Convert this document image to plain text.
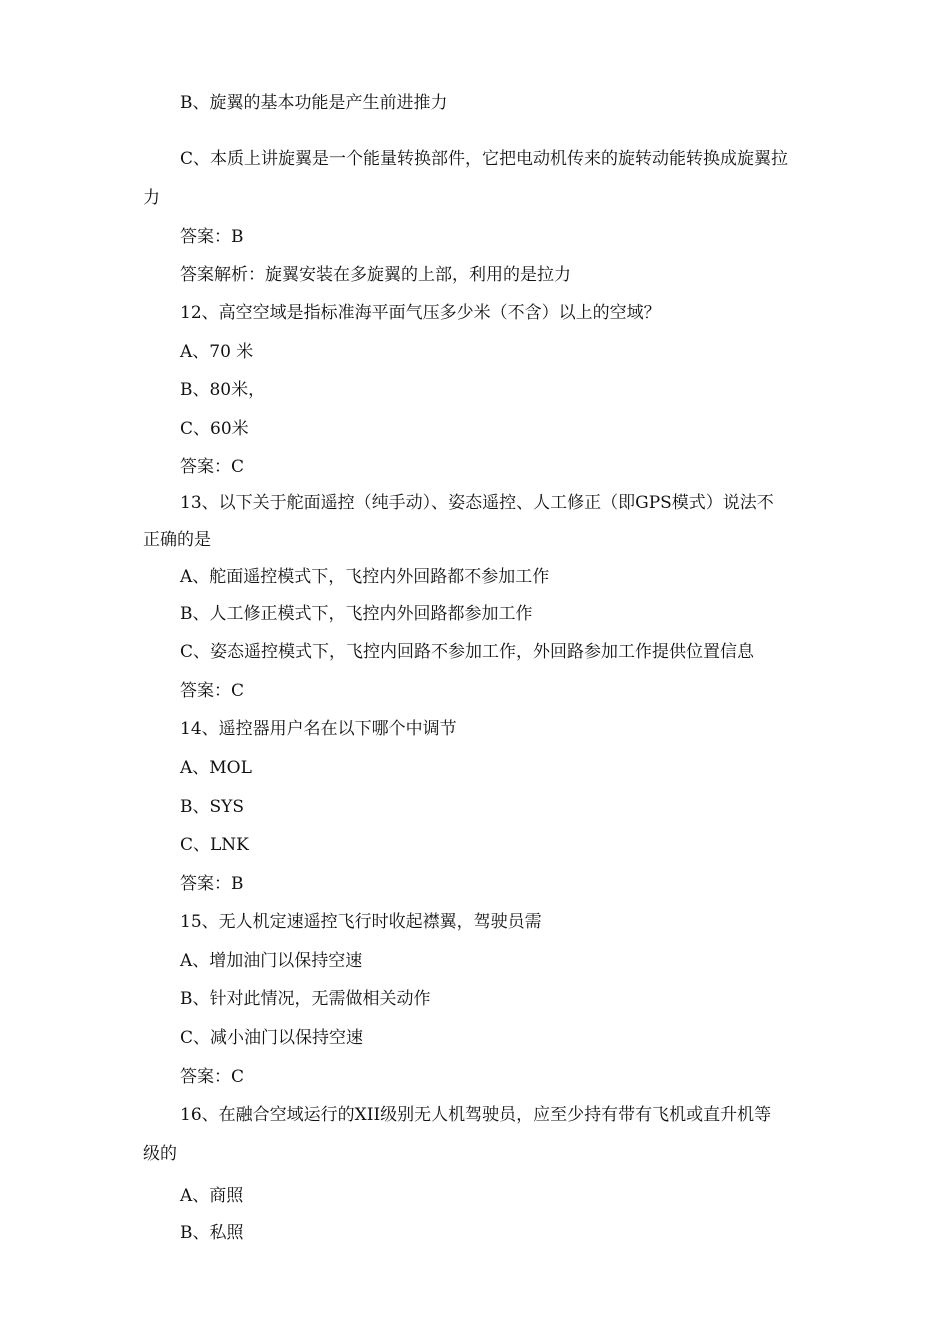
B、旋翼的基本功能是产生前进推力
C、本质上讲旋翼是一个能量转换部件，它把电动机传来的旋转动能转换成旋翼拉
力
答案：B
答案解析：旋翼安装在多旋翼的上部，利用的是拉力
12、高空空域是指标准海平面气压多少米（不含）以上的空域？
A、70 米
B、80米，
C、60米
答案：C
13、以下关于舵面遥控（纯手动）、姿态遥控、人工修正（即GPS模式）说法不
正确的是
A、舵面遥控模式下，飞控内外回路都不参加工作
B、人工修正模式下，飞控内外回路都参加工作
C、姿态遥控模式下，飞控内回路不参加工作，外回路参加工作提供位置信息
答案：C
14、遥控器用户名在以下哪个中调节
A、MOL
B、SYS
C、LNK
答案：B
15、无人机定速遥控飞行时收起襟翼，驾驶员需
A、增加油门以保持空速
B、针对此情况，无需做相关动作
C、减小油门以保持空速
答案：C
16、在融合空域运行的XII级别无人机驾驶员，应至少持有带有飞机或直升机等
级的
A、商照
B、私照
